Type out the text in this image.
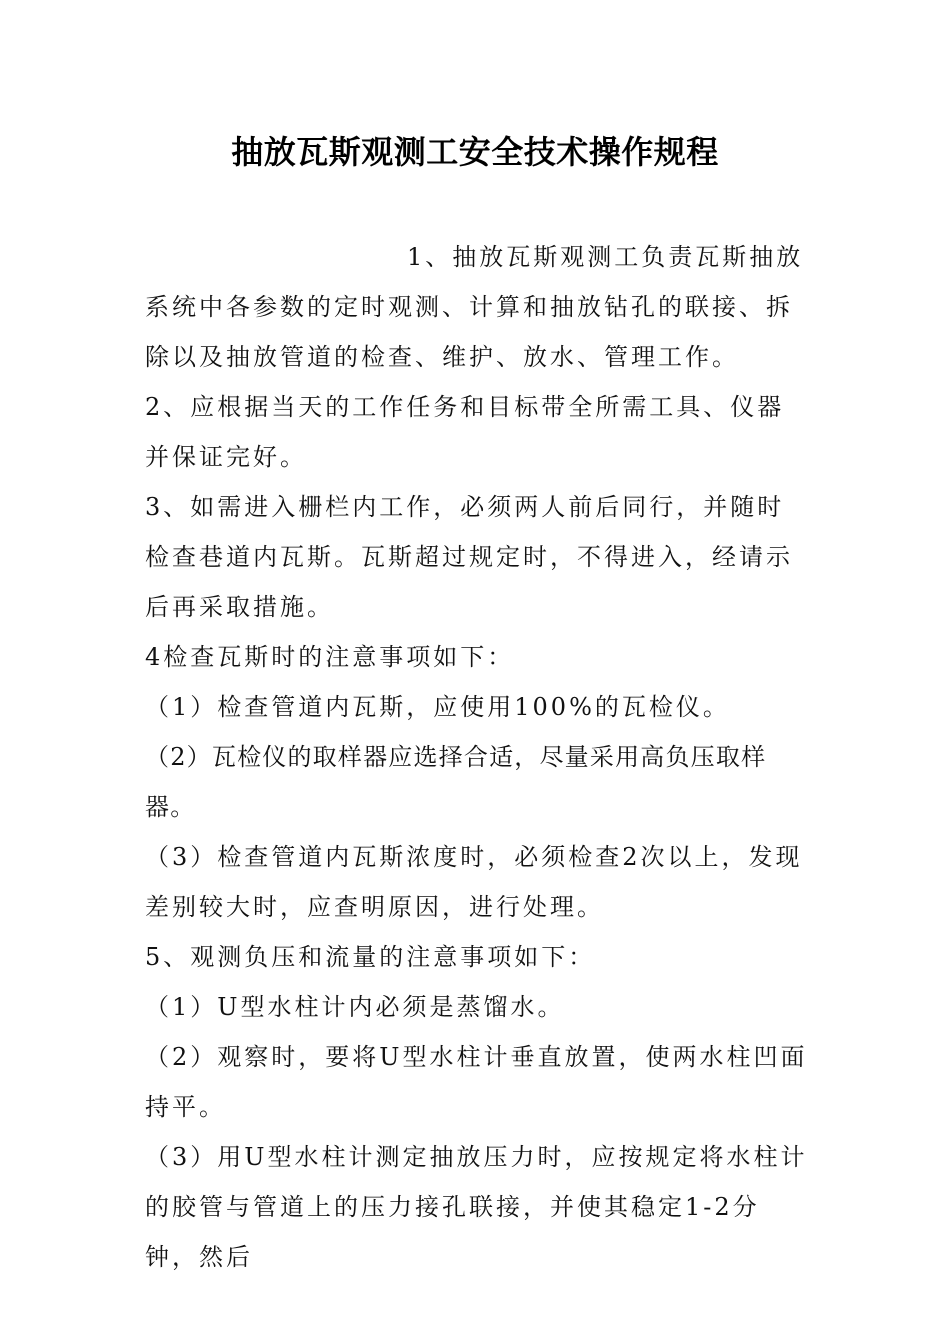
抽放瓦斯观测工安全技术操作规程

1、抽放瓦斯观测工负责瓦斯抽放系统中各参数的定时观测、计算和抽放钻孔的联接、拆除以及抽放管道的检查、维护、放水、管理工作。

2、应根据当天的工作任务和目标带全所需工具、仪器并保证完好。

3、如需进入栅栏内工作，必须两人前后同行，并随时检查巷道内瓦斯。瓦斯超过规定时，不得进入，经请示后再采取措施。

4检查瓦斯时的注意事项如下：

（1）检查管道内瓦斯，应使用100%的瓦检仪。

（2）瓦检仪的取样器应选择合适，尽量采用高负压取样器。

（3）检查管道内瓦斯浓度时，必须检查2次以上，发现差别较大时，应查明原因，进行处理。

5、观测负压和流量的注意事项如下：

（1）U型水柱计内必须是蒸馏水。

（2）观察时，要将U型水柱计垂直放置，使两水柱凹面持平。

（3）用U型水柱计测定抽放压力时，应按规定将水柱计的胶管与管道上的压力接孔联接，并使其稳定1-2分钟，然后
